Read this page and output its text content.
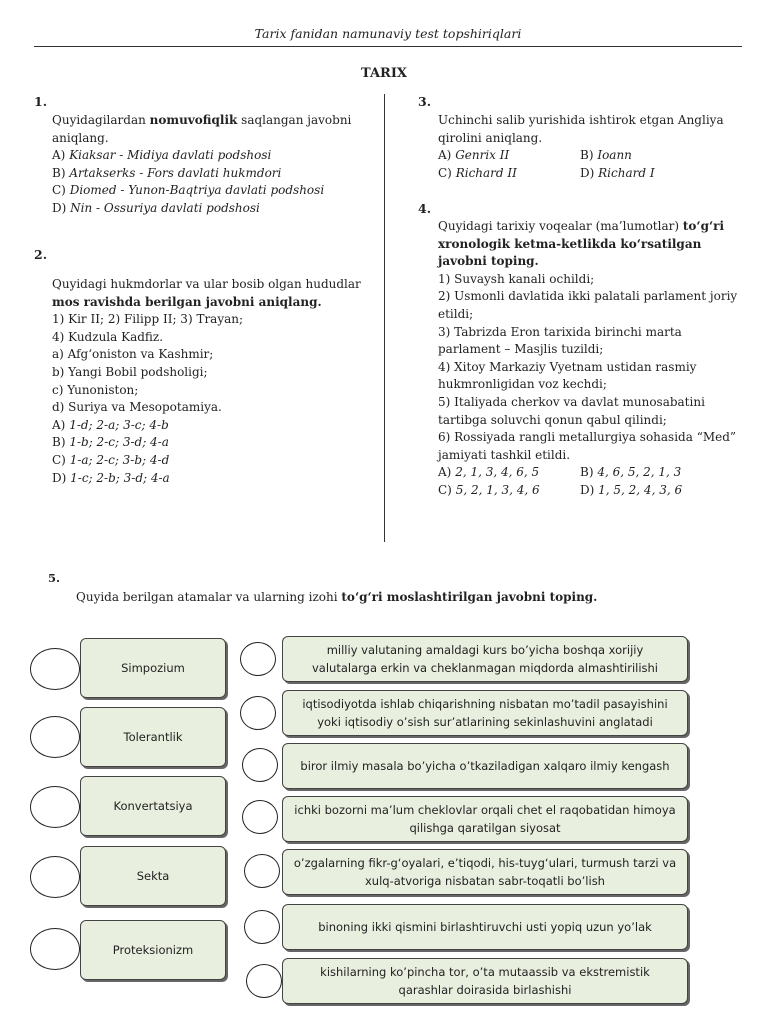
Tarix fanidan namunaviy test topshiriqlari
TARIX
1.
Quyidagilardan nomuvofiqlik saqlangan javobni
aniqlang.
A) Kiaksar - Midiya davlati podshosi
B) Artakserks - Fors davlati hukmdori
C) Diomed - Yunon-Baqtriya davlati podshosi
D) Nin - Ossuriya davlati podshosi
2.
Quyidagi hukmdorlar va ular bosib olgan hududlar
mos ravishda berilgan javobni aniqlang.
1) Kir II; 2) Filipp II; 3) Trayan;
4) Kudzula Kadfiz.
a) Afg‘oniston va Kashmir;
b) Yangi Bobil podsholigi;
c) Yunoniston;
d) Suriya va Mesopotamiya.
A) 1-d; 2-a; 3-c; 4-b
B) 1-b; 2-c; 3-d; 4-a
C) 1-a; 2-c; 3-b; 4-d
D) 1-c; 2-b; 3-d; 4-a
3.
Uchinchi salib yurishida ishtirok etgan Angliya
qirolini aniqlang.
A) Genrix II	B) Ioann
C) Richard II	D) Richard I
4.
Quyidagi tarixiy voqealar (ma’lumotlar) to‘g‘ri
xronologik ketma-ketlikda ko‘rsatilgan
javobni toping.
1) Suvaysh kanali ochildi;
2) Usmonli davlatida ikki palatali parlament joriy
etildi;
3) Tabrizda Eron tarixida birinchi marta
parlament – Masjlis tuzildi;
4) Xitoy Markaziy Vyetnam ustidan rasmiy
hukmronligidan voz kechdi;
5) Italiyada cherkov va davlat munosabatini
tartibga soluvchi qonun qabul qilindi;
6) Rossiyada rangli metallurgiya sohasida “Med”
jamiyati tashkil etildi.
A) 2, 1, 3, 4, 6, 5	B) 4, 6, 5, 2, 1, 3
C) 5, 2, 1, 3, 4, 6	D) 1, 5, 2, 4, 3, 6
5.
Quyida berilgan atamalar va ularning izohi to‘g‘ri moslashtirilgan javobni toping.
Simpozium
Tolerantlik
Konvertatsiya
Sekta
Proteksionizm
milliy valutaning amaldagi kurs bo’yicha boshqa xorijiy valutalarga erkin va cheklanmagan miqdorda almashtirilishi
iqtisodiyotda ishlab chiqarishning nisbatan mo’tadil pasayishini yoki iqtisodiy o’sish sur’atlarining sekinlashuvini anglatadi
biror ilmiy masala bo’yicha o’tkaziladigan xalqaro ilmiy kengash
ichki bozorni ma’lum cheklovlar orqali chet el raqobatidan himoya qilishga qaratilgan siyosat
o’zgalarning fikr-g‘oyalari, e’tiqodi, his-tuyg‘ulari, turmush tarzi va xulq-atvoriga nisbatan sabr-toqatli bo’lish
binoning ikki qismini birlashtiruvchi usti yopiq uzun yo’lak
kishilarning ko’pincha tor, o’ta mutaassib va ekstremistik qarashlar doirasida birlashishi
